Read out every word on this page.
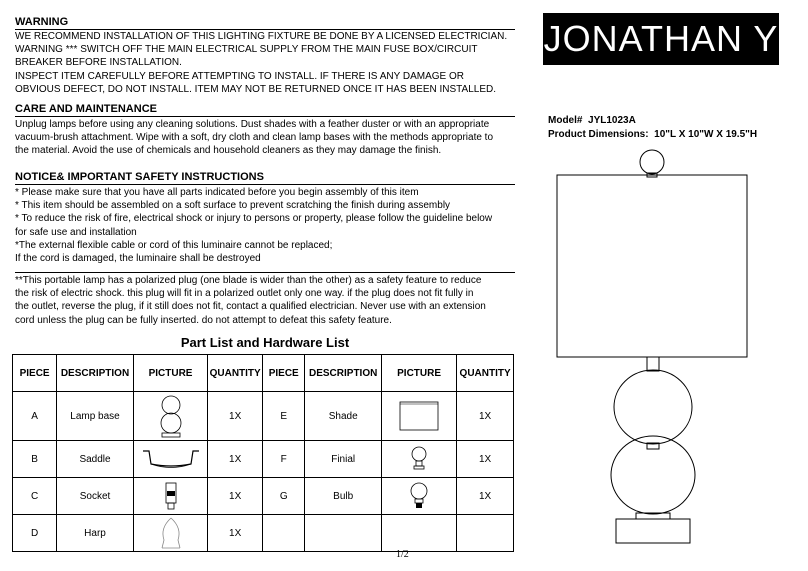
WARNING
WE RECOMMEND INSTALLATION OF THIS LIGHTING FIXTURE BE DONE BY A LICENSED ELECTRICIAN.
WARNING *** SWITCH OFF THE MAIN ELECTRICAL SUPPLY FROM THE MAIN FUSE BOX/CIRCUIT
BREAKER BEFORE INSTALLATION.
INSPECT ITEM CAREFULLY BEFORE ATTEMPTING TO INSTALL. IF THERE IS ANY DAMAGE OR
OBVIOUS DEFECT, DO NOT INSTALL. ITEM MAY NOT BE RETURNED ONCE IT HAS BEEN INSTALLED.
CARE AND MAINTENANCE
Unplug lamps before using any cleaning solutions. Dust shades with a feather duster or with an appropriate
vacuum-brush attachment. Wipe with a soft, dry cloth and clean lamp bases with the methods appropriate to
the material. Avoid the use of chemicals and household cleaners as they may damage the finish.
NOTICE& IMPORTANT SAFETY INSTRUCTIONS
* Please make sure that you have all parts indicated before you begin assembly of this item
* This item should be assembled on a soft surface to prevent scratching the finish during assembly
* To reduce the risk of fire, electrical shock or injury to persons or property, please follow the guideline below
for safe use and installation
*The external flexible cable or cord of this luminaire cannot be replaced;
If the cord is damaged, the luminaire shall be destroyed
**This portable lamp has a polarized plug (one blade is wider than the other) as a safety feature to reduce
the risk of electric shock. this plug will fit in a polarized outlet only one way. if the plug does not fit fully in
the outlet, reverse the plug, if it still does not fit, contact a qualified electrician. Never use with an extension
cord unless the plug can be fully inserted. do not attempt to defeat this safety feature.
Part List and Hardware List
PIECE	DESCRIPTION	PICTURE	QUANTITY	PIECE	DESCRIPTION	PICTURE	QUANTITY
A	Lamp base		1X	E	Shade		1X
B	Saddle		1X	F	Finial		1X
C	Socket		1X	G	Bulb		1X
D	Harp		1X				
1/2
JONATHAN Y
Model# JYL1023A
Product Dimensions: 10"L X 10"W X 19.5"H
